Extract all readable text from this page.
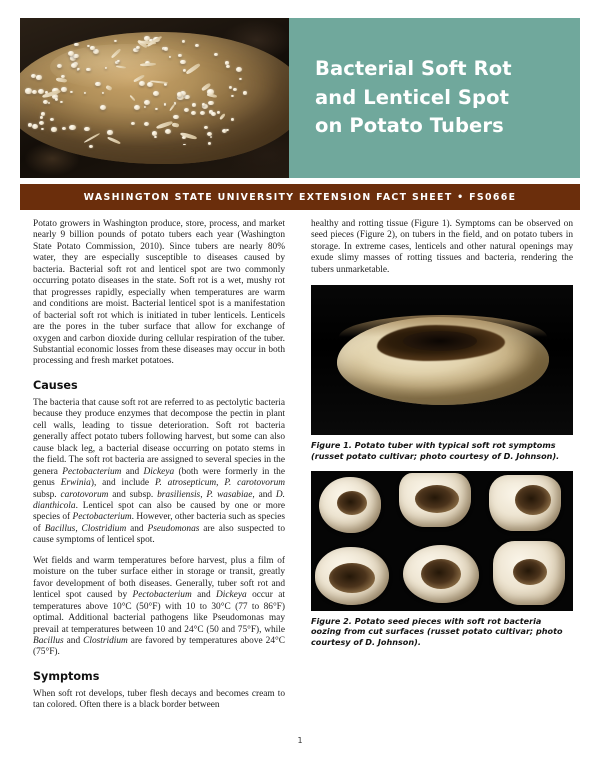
Bacterial Soft Rot
and Lenticel Spot
on Potato Tubers
WASHINGTON STATE UNIVERSITY EXTENSION FACT SHEET • FS066E

Potato growers in Washington produce, store, process, and market nearly 9 billion pounds of potato tubers each year (Washington State Potato Commission, 2010). Since tubers are nearly 80% water, they are especially susceptible to diseases caused by bacteria. Bacterial soft rot and lenticel spot are two commonly occurring potato diseases in the state. Soft rot is a wet, mushy rot that progresses rapidly, especially when temperatures are warm and conditions are moist. Bacterial lenticel spot is a manifestation of bacterial soft rot which is initiated in tuber lenticels. Lenticels are the pores in the tuber surface that allow for exchange of oxygen and carbon dioxide during cellular respiration of the tuber. Substantial economic losses from these diseases may occur in both processing and fresh market potatoes.

Causes

The bacteria that cause soft rot are referred to as pectolytic bacteria because they produce enzymes that decompose the pectin in plant cell walls, leading to tissue deterioration. Soft rot bacteria generally affect potato tubers following harvest, but some can also cause black leg, a bacterial disease occurring on potato stems in the field. The soft rot bacteria are assigned to several species in the genera Pectobacterium and Dickeya (both were formerly in the genus Erwinia), and include P. atrosepticum, P. carotovorum subsp. carotovorum and subsp. brasiliensis, P. wasabiae, and D. dianthicola. Lenticel spot can also be caused by one or more species of Pectobacterium. However, other bacteria such as species of Bacillus, Clostridium and Pseudomonas are also suspected to cause symptoms of lenticel spot.

Wet fields and warm temperatures before harvest, plus a film of moisture on the tuber surface either in storage or transit, greatly favor development of both diseases. Generally, tuber soft rot and lenticel spot caused by Pectobacterium and Dickeya occur at temperatures above 10°C (50°F) with 10 to 30°C (77 to 86°F) optimal. Additional bacterial pathogens like Pseudomonas may prevail at temperatures between 10 and 24°C (50 and 75°F), while Bacillus and Clostridium are favored by temperatures above 24°C (75°F).

Symptoms

When soft rot develops, tuber flesh decays and becomes cream to tan colored. Often there is a black border between

healthy and rotting tissue (Figure 1). Symptoms can be observed on seed pieces (Figure 2), on tubers in the field, and on potato tubers in storage. In extreme cases, lenticels and other natural openings may exude slimy masses of rotting tissues and bacteria, rendering the tubers unmarketable.

Figure 1. Potato tuber with typical soft rot symptoms (russet potato cultivar; photo courtesy of D. Johnson).
Figure 2. Potato seed pieces with soft rot bacteria oozing from cut surfaces (russet potato cultivar; photo courtesy of D. Johnson).
1
